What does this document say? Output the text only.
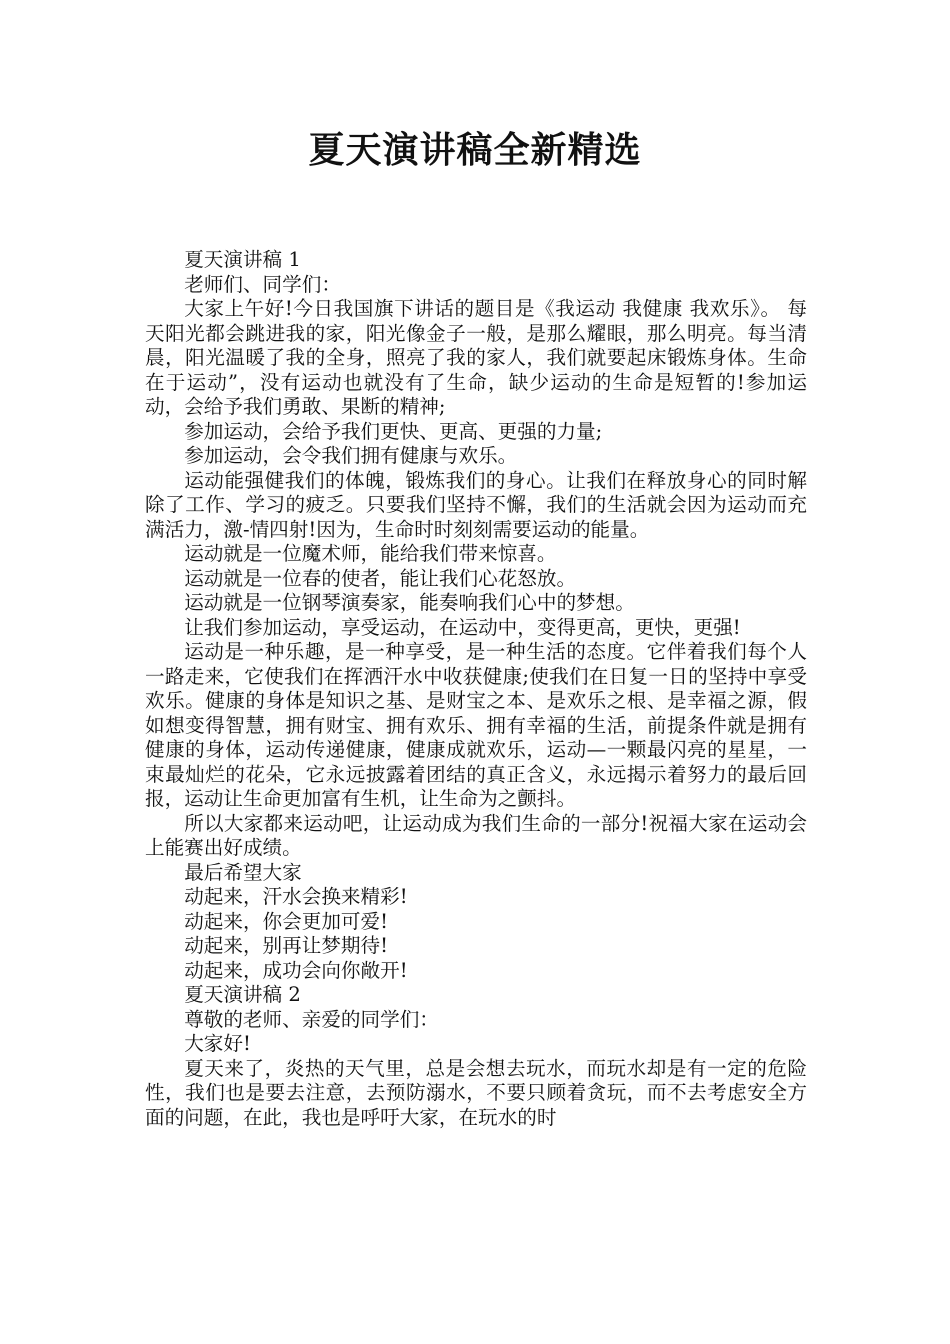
夏天演讲稿全新精选

夏天演讲稿 1

老师们、同学们：

大家上午好!今日我国旗下讲话的题目是《我运动 我健康 我欢乐》。 每天阳光都会跳进我的家，阳光像金子一般，是那么耀眼，那么明亮。每当清晨，阳光温暖了我的全身，照亮了我的家人，我们就要起床锻炼身体。生命在于运动”，没有运动也就没有了生命，缺少运动的生命是短暂的!参加运动，会给予我们勇敢、果断的精神;

参加运动，会给予我们更快、更高、更强的力量;

参加运动，会令我们拥有健康与欢乐。

运动能强健我们的体魄，锻炼我们的身心。让我们在释放身心的同时解除了工作、学习的疲乏。只要我们坚持不懈，我们的生活就会因为运动而充满活力，激-情四射!因为，生命时时刻刻需要运动的能量。

运动就是一位魔术师，能给我们带来惊喜。

运动就是一位春的使者，能让我们心花怒放。

运动就是一位钢琴演奏家，能奏响我们心中的梦想。

让我们参加运动，享受运动，在运动中，变得更高，更快，更强!

运动是一种乐趣，是一种享受，是一种生活的态度。它伴着我们每个人一路走来，它使我们在挥洒汗水中收获健康;使我们在日复一日的坚持中享受欢乐。健康的身体是知识之基、是财宝之本、是欢乐之根、是幸福之源，假如想变得智慧，拥有财宝、拥有欢乐、拥有幸福的生活，前提条件就是拥有健康的身体，运动传递健康，健康成就欢乐，运动—一颗最闪亮的星星，一束最灿烂的花朵，它永远披露着团结的真正含义，永远揭示着努力的最后回报，运动让生命更加富有生机，让生命为之颤抖。

所以大家都来运动吧，让运动成为我们生命的一部分!祝福大家在运动会上能赛出好成绩。

最后希望大家

动起来，汗水会换来精彩!

动起来，你会更加可爱!

动起来，别再让梦期待!

动起来，成功会向你敞开!

夏天演讲稿 2

尊敬的老师、亲爱的同学们：

大家好!

夏天来了，炎热的天气里，总是会想去玩水，而玩水却是有一定的危险性，我们也是要去注意，去预防溺水，不要只顾着贪玩，而不去考虑安全方面的问题，在此，我也是呼吁大家，在玩水的时
